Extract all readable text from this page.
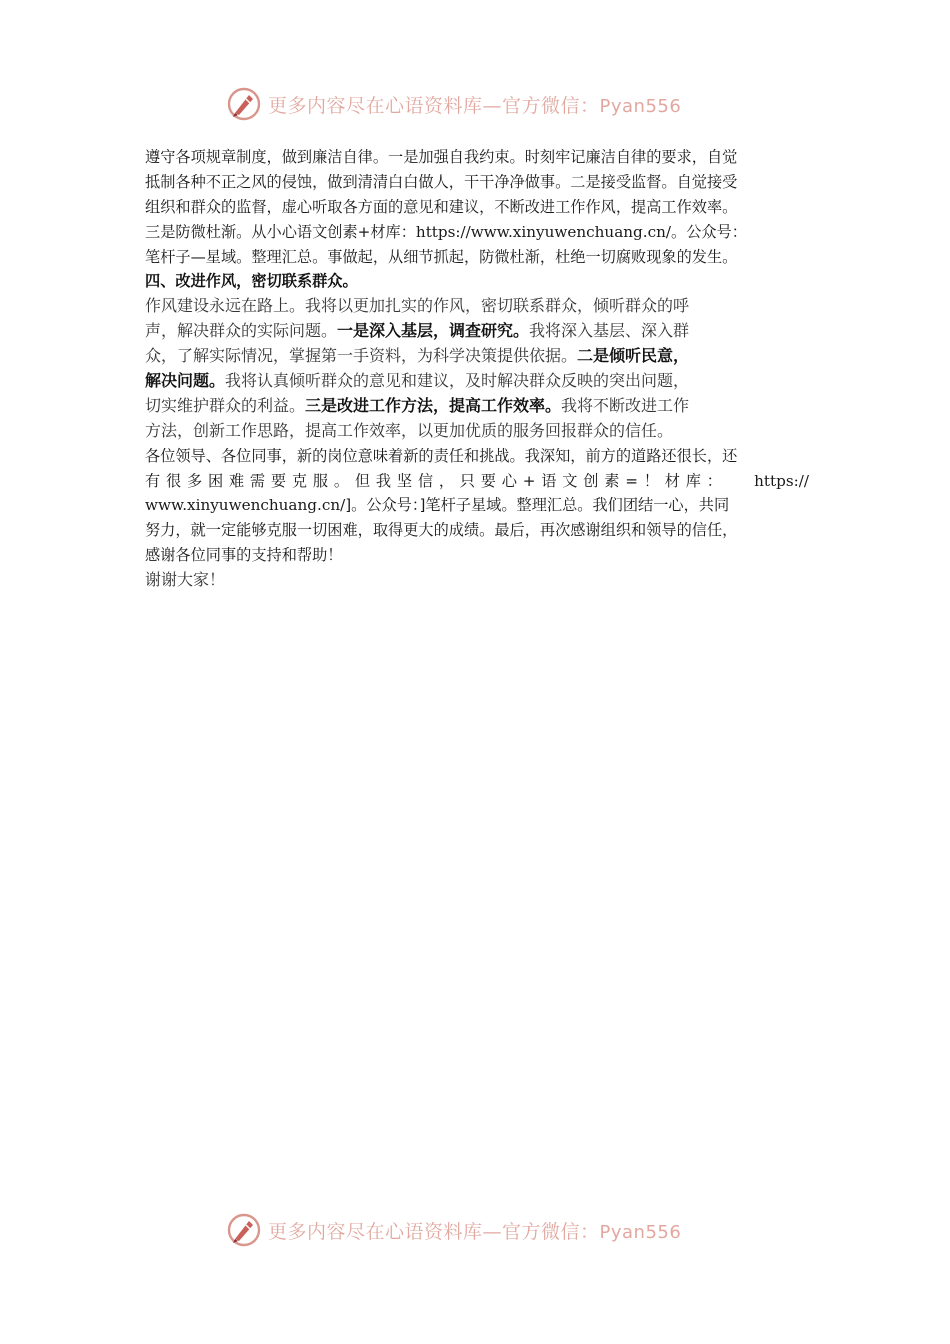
更多内容尽在心语资料库—官方微信：Pyan556
遵守各项规章制度，做到廉洁自律。一是加强自我约束。时刻牢记廉洁自律的要求，自觉
抵制各种不正之风的侵蚀，做到清清白白做人，干干净净做事。二是接受监督。自觉接受
组织和群众的监督，虚心听取各方面的意见和建议，不断改进工作作风，提高工作效率。
三是防微杜渐。从小心语文创素+材库：https://www.xinyuwenchuang.cn/。公众号：
笔杆子—星域。整理汇总。事做起，从细节抓起，防微杜渐，杜绝一切腐败现象的发生。
四、改进作风，密切联系群众。
作风建设永远在路上。我将以更加扎实的作风，密切联系群众，倾听群众的呼
声，解决群众的实际问题。一是深入基层，调查研究。我将深入基层、深入群
众，了解实际情况，掌握第一手资料，为科学决策提供依据。二是倾听民意，
解决问题。我将认真倾听群众的意见和建议，及时解决群众反映的突出问题，
切实维护群众的利益。三是改进工作方法，提高工作效率。我将不断改进工作
方法，创新工作思路，提高工作效率，以更加优质的服务回报群众的信任。
各位领导、各位同事，新的岗位意味着新的责任和挑战。我深知，前方的道路还很长，还
有很多困难需要克服。但我坚信，只要心+语文创素=！材库： https://
www.xinyuwenchuang.cn/]。公众号：]笔杆子星域。整理汇总。我们团结一心，共同
努力，就一定能够克服一切困难，取得更大的成绩。最后，再次感谢组织和领导的信任，
感谢各位同事的支持和帮助！
谢谢大家！
更多内容尽在心语资料库—官方微信：Pyan556
